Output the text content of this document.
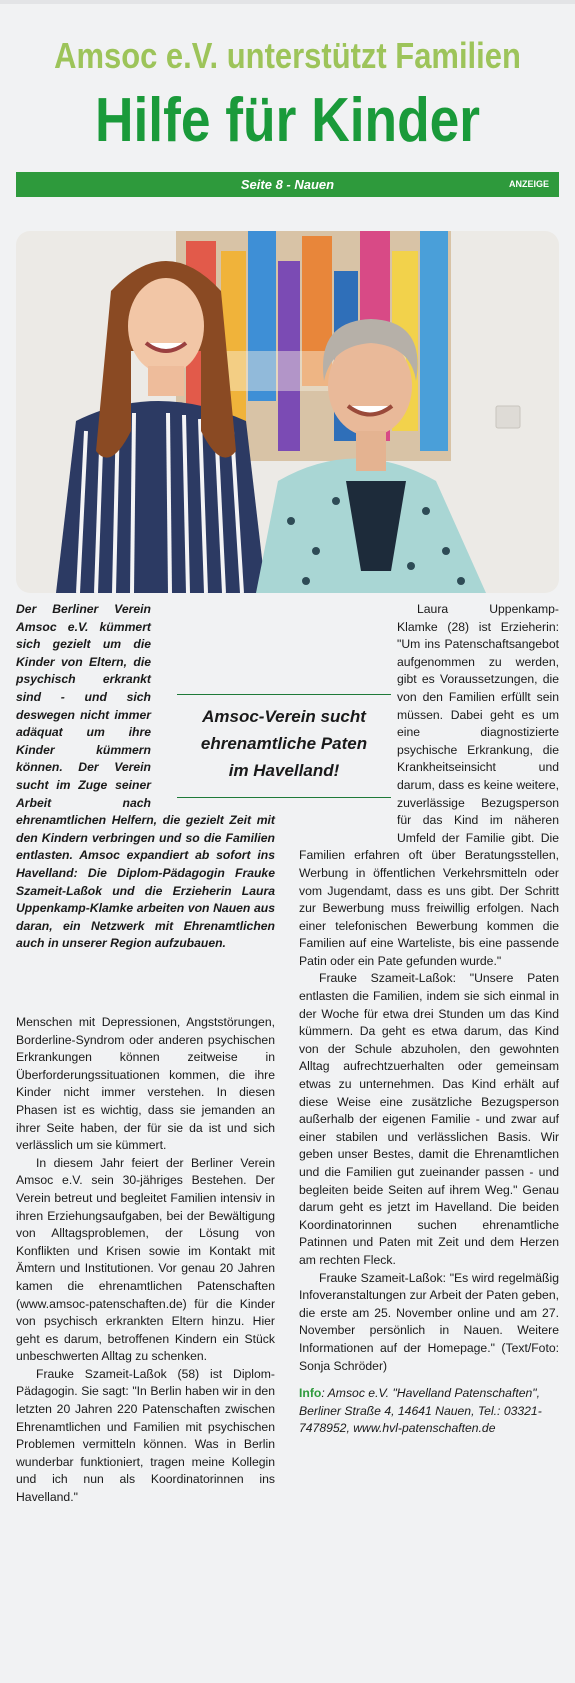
Amsoc e.V. unterstützt Familien
Hilfe für Kinder
Seite 8 - Nauen	ANZEIGE

Der Berliner Verein Amsoc e.V. kümmert sich gezielt um die Kinder von Eltern, die psychisch erkrankt sind - und sich deswegen nicht immer adäquat um ihre Kinder kümmern können. Der Verein sucht im Zuge seiner Arbeit nach ehrenamtlichen Helfern, die gezielt Zeit mit den Kindern verbringen und so die Familien entlasten. Amsoc expandiert ab sofort ins Havelland: Die Diplom-Pädagogin Frauke Szameit-Laßok und die Erzieherin Laura Uppenkamp-Klamke arbeiten von Nauen aus daran, ein Netzwerk mit Ehrenamtlichen auch in unserer Region aufzubauen.

Menschen mit Depressionen, Angststörungen, Borderline-Syndrom oder anderen psychischen Erkrankungen können zeitweise in Überforderungssituationen kommen, die ihre Kinder nicht immer verstehen. In diesen Phasen ist es wichtig, dass sie jemanden an ihrer Seite haben, der für sie da ist und sich verlässlich um sie kümmert.

In diesem Jahr feiert der Berliner Verein Amsoc e.V. sein 30-jähriges Bestehen. Der Verein betreut und begleitet Familien intensiv in ihren Erziehungsaufgaben, bei der Bewältigung von Alltagsproblemen, der Lösung von Konflikten und Krisen sowie im Kontakt mit Ämtern und Institutionen. Vor genau 20 Jahren kamen die ehrenamtlichen Patenschaften (www.amsoc-patenschaften.de) für die Kinder von psychisch erkrankten Eltern hinzu. Hier geht es darum, betroffenen Kindern ein Stück unbeschwerten Alltag zu schenken.

Frauke Szameit-Laßok (58) ist Diplom-Pädagogin. Sie sagt: "In Berlin haben wir in den letzten 20 Jahren 220 Patenschaften zwischen Ehrenamtlichen und Familien mit psychischen Problemen vermitteln können. Was in Berlin wunderbar funktioniert, tragen meine Kollegin und ich nun als Koordinatorinnen ins Havelland."

Amsoc-Verein sucht
ehrenamtliche Paten
im Havelland!

Laura Uppenkamp-Klamke (28) ist Erzieherin: "Um ins Patenschaftsangebot aufgenommen zu werden, gibt es Voraussetzungen, die von den Familien erfüllt sein müssen. Dabei geht es um eine diagnostizierte psychische Erkrankung, die Krankheitseinsicht und darum, dass es keine weitere, zuverlässige Bezugsperson für das Kind im näheren Umfeld der Familie gibt. Die Familien erfahren oft über Beratungsstellen, Werbung in öffentlichen Verkehrsmitteln oder vom Jugendamt, dass es uns gibt. Der Schritt zur Bewerbung muss freiwillig erfolgen. Nach einer telefonischen Bewerbung kommen die Familien auf eine Warteliste, bis eine passende Patin oder ein Pate gefunden wurde."

Frauke Szameit-Laßok: "Unsere Paten entlasten die Familien, indem sie sich einmal in der Woche für etwa drei Stunden um das Kind kümmern. Da geht es etwa darum, das Kind von der Schule abzuholen, den gewohnten Alltag aufrechtzuerhalten oder gemeinsam etwas zu unternehmen. Das Kind erhält auf diese Weise eine zusätzliche Bezugsperson außerhalb der eigenen Familie - und zwar auf einer stabilen und verlässlichen Basis. Wir geben unser Bestes, damit die Ehrenamtlichen und die Familien gut zueinander passen - und begleiten beide Seiten auf ihrem Weg." Genau darum geht es jetzt im Havelland. Die beiden Koordinatorinnen suchen ehrenamtliche Patinnen und Paten mit Zeit und dem Herzen am rechten Fleck.

Frauke Szameit-Laßok: "Es wird regelmäßig Infoveranstaltungen zur Arbeit der Paten geben, die erste am 25. November online und am 27. November persönlich in Nauen. Weitere Informationen auf der Homepage." (Text/Foto: Sonja Schröder)

Info: Amsoc e.V. "Havelland Patenschaften", Berliner Straße 4, 14641 Nauen, Tel.: 03321-7478952, www.hvl-patenschaften.de
